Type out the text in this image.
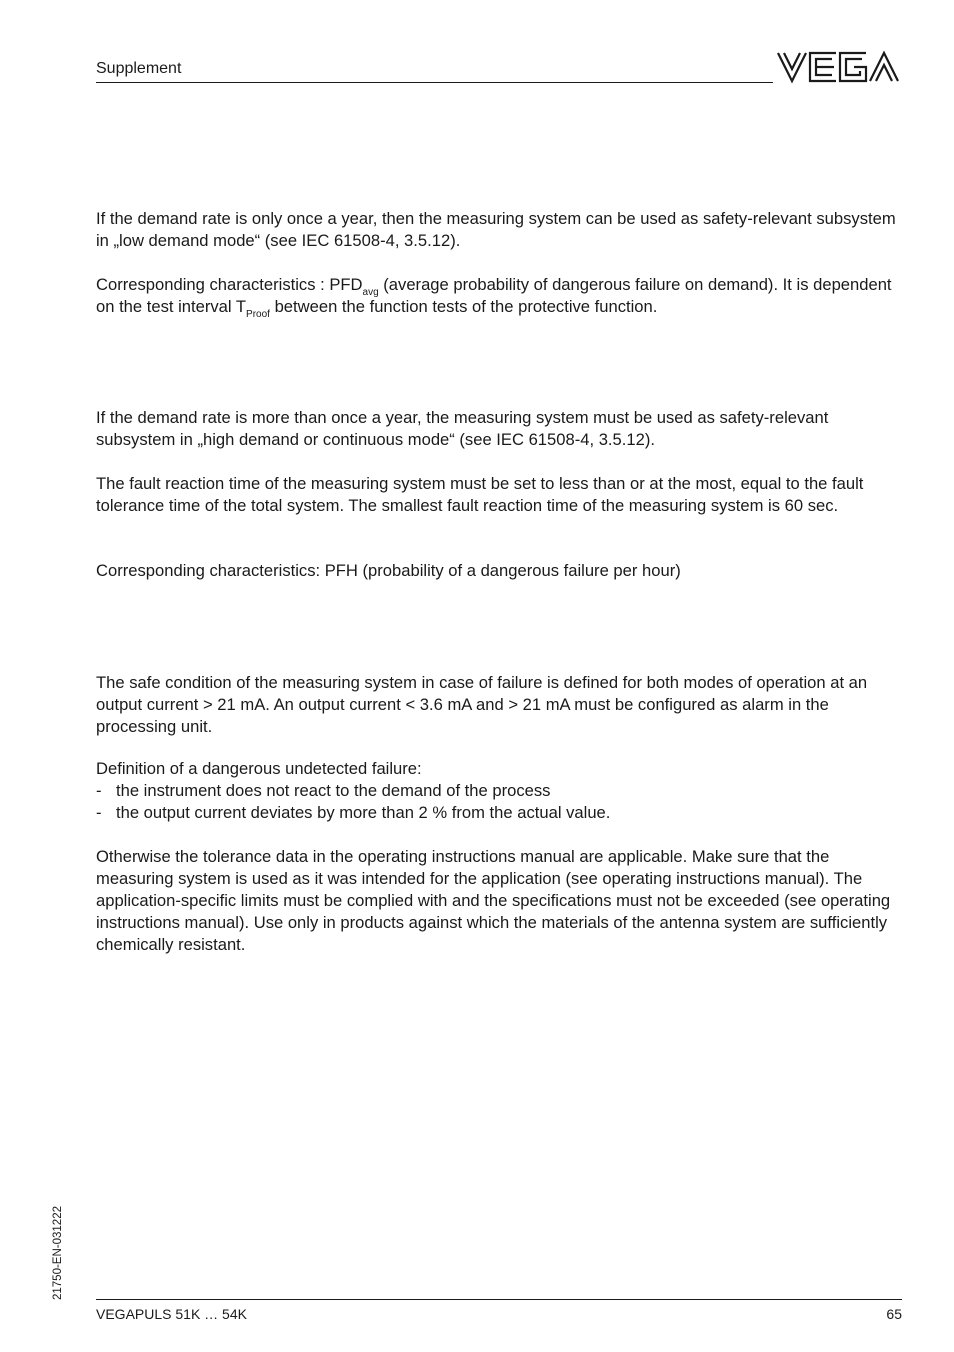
Supplement

If the demand rate is only once a year, then the measuring system can be used as safety-relevant subsystem in „low demand mode“ (see IEC 61508-4, 3.5.12).

Corresponding characteristics : $PFD_{avg}$ (average probability of dangerous failure on demand). It is dependent on the test interval $T_{Proof}$ between the function tests of the protective function.

If the demand rate is more than once a year, the measuring system must be used as safety-relevant subsystem in „high demand or continuous mode“ (see IEC 61508-4, 3.5.12).

The fault reaction time of the measuring system must be set to less than or at the most, equal to the fault tolerance time of the total system. The smallest fault reaction time of the measuring system is 60 sec.

Corresponding characteristics: PFH (probability of a dangerous failure per hour)

The safe condition of the measuring system in case of failure is defined for both modes of operation at an output current > 21 mA. An output current < 3.6 mA and > 21 mA must be configured as alarm in the processing unit.

Definition of a dangerous undetected failure:

- the instrument does not react to the demand of the process
- the output current deviates by more than 2 % from the actual value.

Otherwise the tolerance data in the operating instructions manual are applicable. Make sure that the measuring system is used as it was intended for the application (see operating instructions manual). The application-specific limits must be complied with and the specifications must not be exceeded (see operating instructions manual). Use only in products against which the materials of the antenna system are sufficiently chemically resistant.

21750-EN-031222
VEGAPULS 51K … 54K	65
